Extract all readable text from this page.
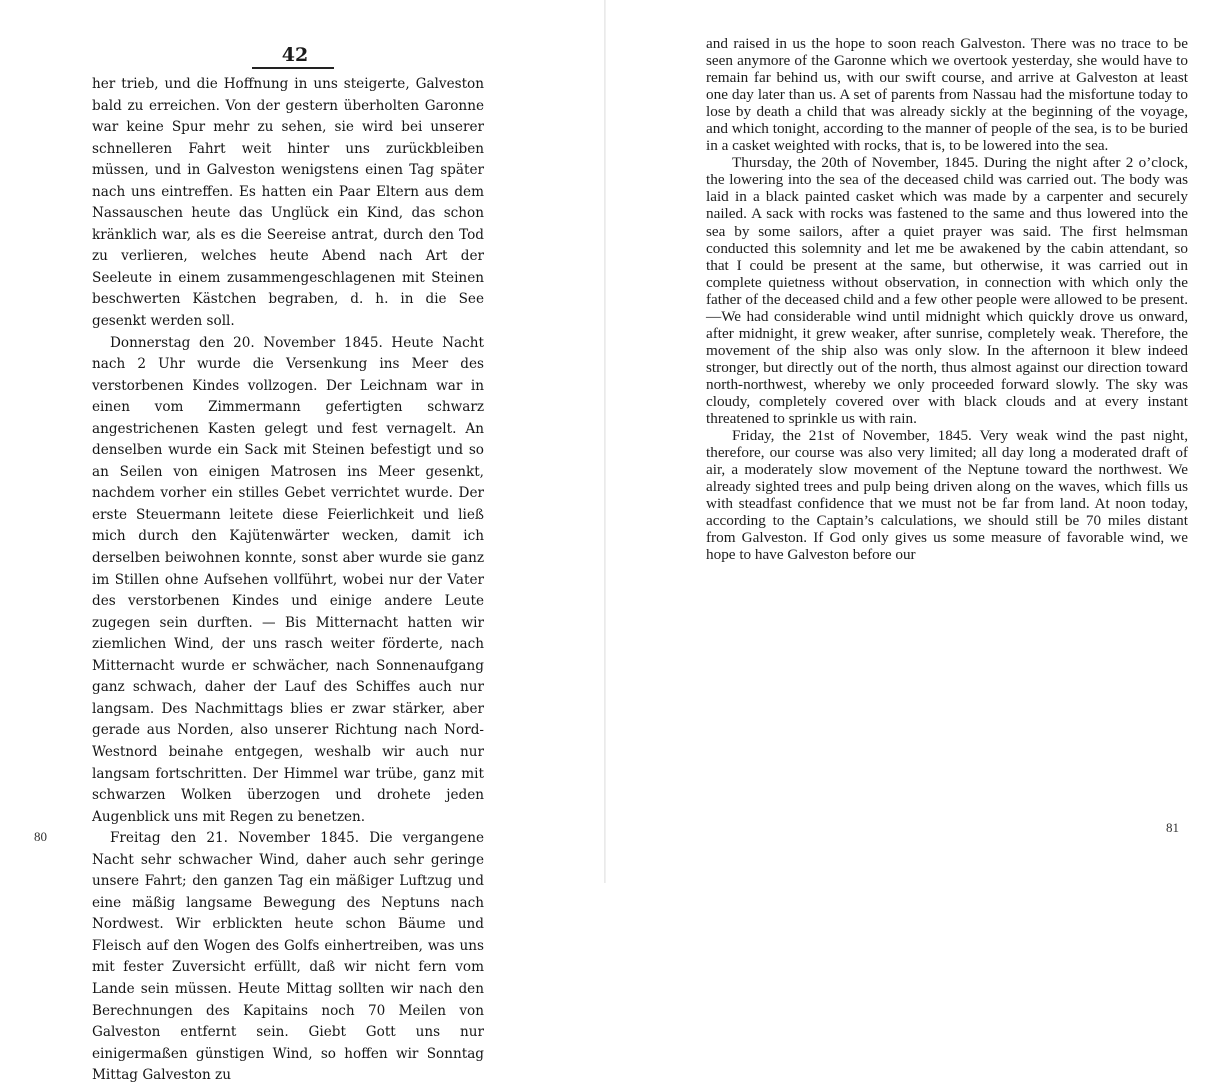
42

her trieb, und die Hoffnung in uns steigerte, Galveston bald zu erreichen. Von der gestern überholten Garonne war keine Spur mehr zu sehen, sie wird bei unserer schnelleren Fahrt weit hinter uns zurückbleiben müssen, und in Galveston wenigstens einen Tag später nach uns eintreffen. Es hatten ein Paar Eltern aus dem Nassauschen heute das Unglück ein Kind, das schon kränklich war, als es die Seereise antrat, durch den Tod zu verlieren, welches heute Abend nach Art der Seeleute in einem zusammengeschlagenen mit Steinen beschwerten Kästchen begraben, d. h. in die See gesenkt werden soll.

Donnerstag den 20. November 1845. Heute Nacht nach 2 Uhr wurde die Versenkung ins Meer des verstorbenen Kindes vollzogen. Der Leichnam war in einen vom Zimmermann gefertigten schwarz angestrichenen Kasten gelegt und fest vernagelt. An denselben wurde ein Sack mit Steinen befestigt und so an Seilen von einigen Matrosen ins Meer gesenkt, nachdem vorher ein stilles Gebet verrichtet wurde. Der erste Steuermann leitete diese Feierlichkeit und ließ mich durch den Kajütenwärter wecken, damit ich derselben beiwohnen konnte, sonst aber wurde sie ganz im Stillen ohne Aufsehen vollführt, wobei nur der Vater des verstorbenen Kindes und einige andere Leute zugegen sein durften. — Bis Mitternacht hatten wir ziemlichen Wind, der uns rasch weiter förderte, nach Mitternacht wurde er schwächer, nach Sonnenaufgang ganz schwach, daher der Lauf des Schiffes auch nur langsam. Des Nachmittags blies er zwar stärker, aber gerade aus Norden, also unserer Richtung nach Nord-Westnord beinahe entgegen, weshalb wir auch nur langsam fortschritten. Der Himmel war trübe, ganz mit schwarzen Wolken überzogen und drohete jeden Augenblick uns mit Regen zu benetzen.

Freitag den 21. November 1845. Die vergangene Nacht sehr schwacher Wind, daher auch sehr geringe unsere Fahrt; den ganzen Tag ein mäßiger Luftzug und eine mäßig langsame Bewegung des Neptuns nach Nordwest. Wir erblickten heute schon Bäume und Fleisch auf den Wogen des Golfs einhertreiben, was uns mit fester Zuversicht erfüllt, daß wir nicht fern vom Lande sein müssen. Heute Mittag sollten wir nach den Berechnungen des Kapitains noch 70 Meilen von Galveston entfernt sein. Giebt Gott uns nur einigermaßen günstigen Wind, so hoffen wir Sonntag Mittag Galveston zu

80

and raised in us the hope to soon reach Galveston. There was no trace to be seen anymore of the Garonne which we overtook yesterday, she would have to remain far behind us, with our swift course, and arrive at Galveston at least one day later than us. A set of parents from Nassau had the misfortune today to lose by death a child that was already sickly at the beginning of the voyage, and which tonight, according to the manner of people of the sea, is to be buried in a casket weighted with rocks, that is, to be lowered into the sea.

Thursday, the 20th of November, 1845. During the night after 2 o’clock, the lowering into the sea of the deceased child was carried out. The body was laid in a black painted casket which was made by a carpenter and securely nailed. A sack with rocks was fastened to the same and thus lowered into the sea by some sailors, after a quiet prayer was said. The first helmsman conducted this solemnity and let me be awakened by the cabin attendant, so that I could be present at the same, but otherwise, it was carried out in complete quietness without observation, in connection with which only the father of the deceased child and a few other people were allowed to be present.—We had considerable wind until midnight which quickly drove us onward, after midnight, it grew weaker, after sunrise, completely weak. Therefore, the movement of the ship also was only slow. In the afternoon it blew indeed stronger, but directly out of the north, thus almost against our direction toward north-northwest, whereby we only proceeded forward slowly. The sky was cloudy, completely covered over with black clouds and at every instant threatened to sprinkle us with rain.

Friday, the 21st of November, 1845. Very weak wind the past night, therefore, our course was also very limited; all day long a moderated draft of air, a moderately slow movement of the Neptune toward the northwest. We already sighted trees and pulp being driven along on the waves, which fills us with steadfast confidence that we must not be far from land. At noon today, according to the Captain’s calculations, we should still be 70 miles distant from Galveston. If God only gives us some measure of favorable wind, we hope to have Galveston before our

81
